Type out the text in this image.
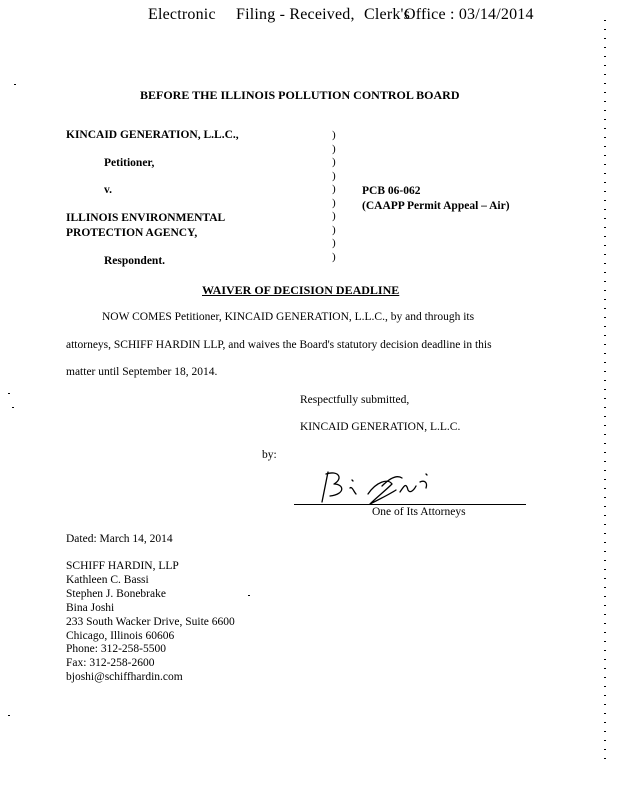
Electronic Filing - Received, Clerk's
Office : 03/14/2014
BEFORE THE ILLINOIS POLLUTION CONTROL BOARD
KINCAID GENERATION, L.L.C.,
Petitioner,
v.
ILLINOIS ENVIRONMENTAL
PROTECTION AGENCY,
Respondent.
)
)
)
)
)
)
)
)
)
)
PCB 06-062
(CAAPP Permit Appeal – Air)
WAIVER OF DECISION DEADLINE
NOW COMES Petitioner, KINCAID GENERATION, L.L.C., by and through its
attorneys, SCHIFF HARDIN LLP, and waives the Board's statutory decision deadline in this
matter until September 18, 2014.
Respectfully submitted,
KINCAID GENERATION, L.L.C.
by:
One of Its Attorneys
Dated: March 14, 2014
SCHIFF HARDIN, LLP
Kathleen C. Bassi
Stephen J. Bonebrake
Bina Joshi
233 South Wacker Drive, Suite 6600
Chicago, Illinois 60606
Phone: 312-258-5500
Fax: 312-258-2600
bjoshi@schiffhardin.com
